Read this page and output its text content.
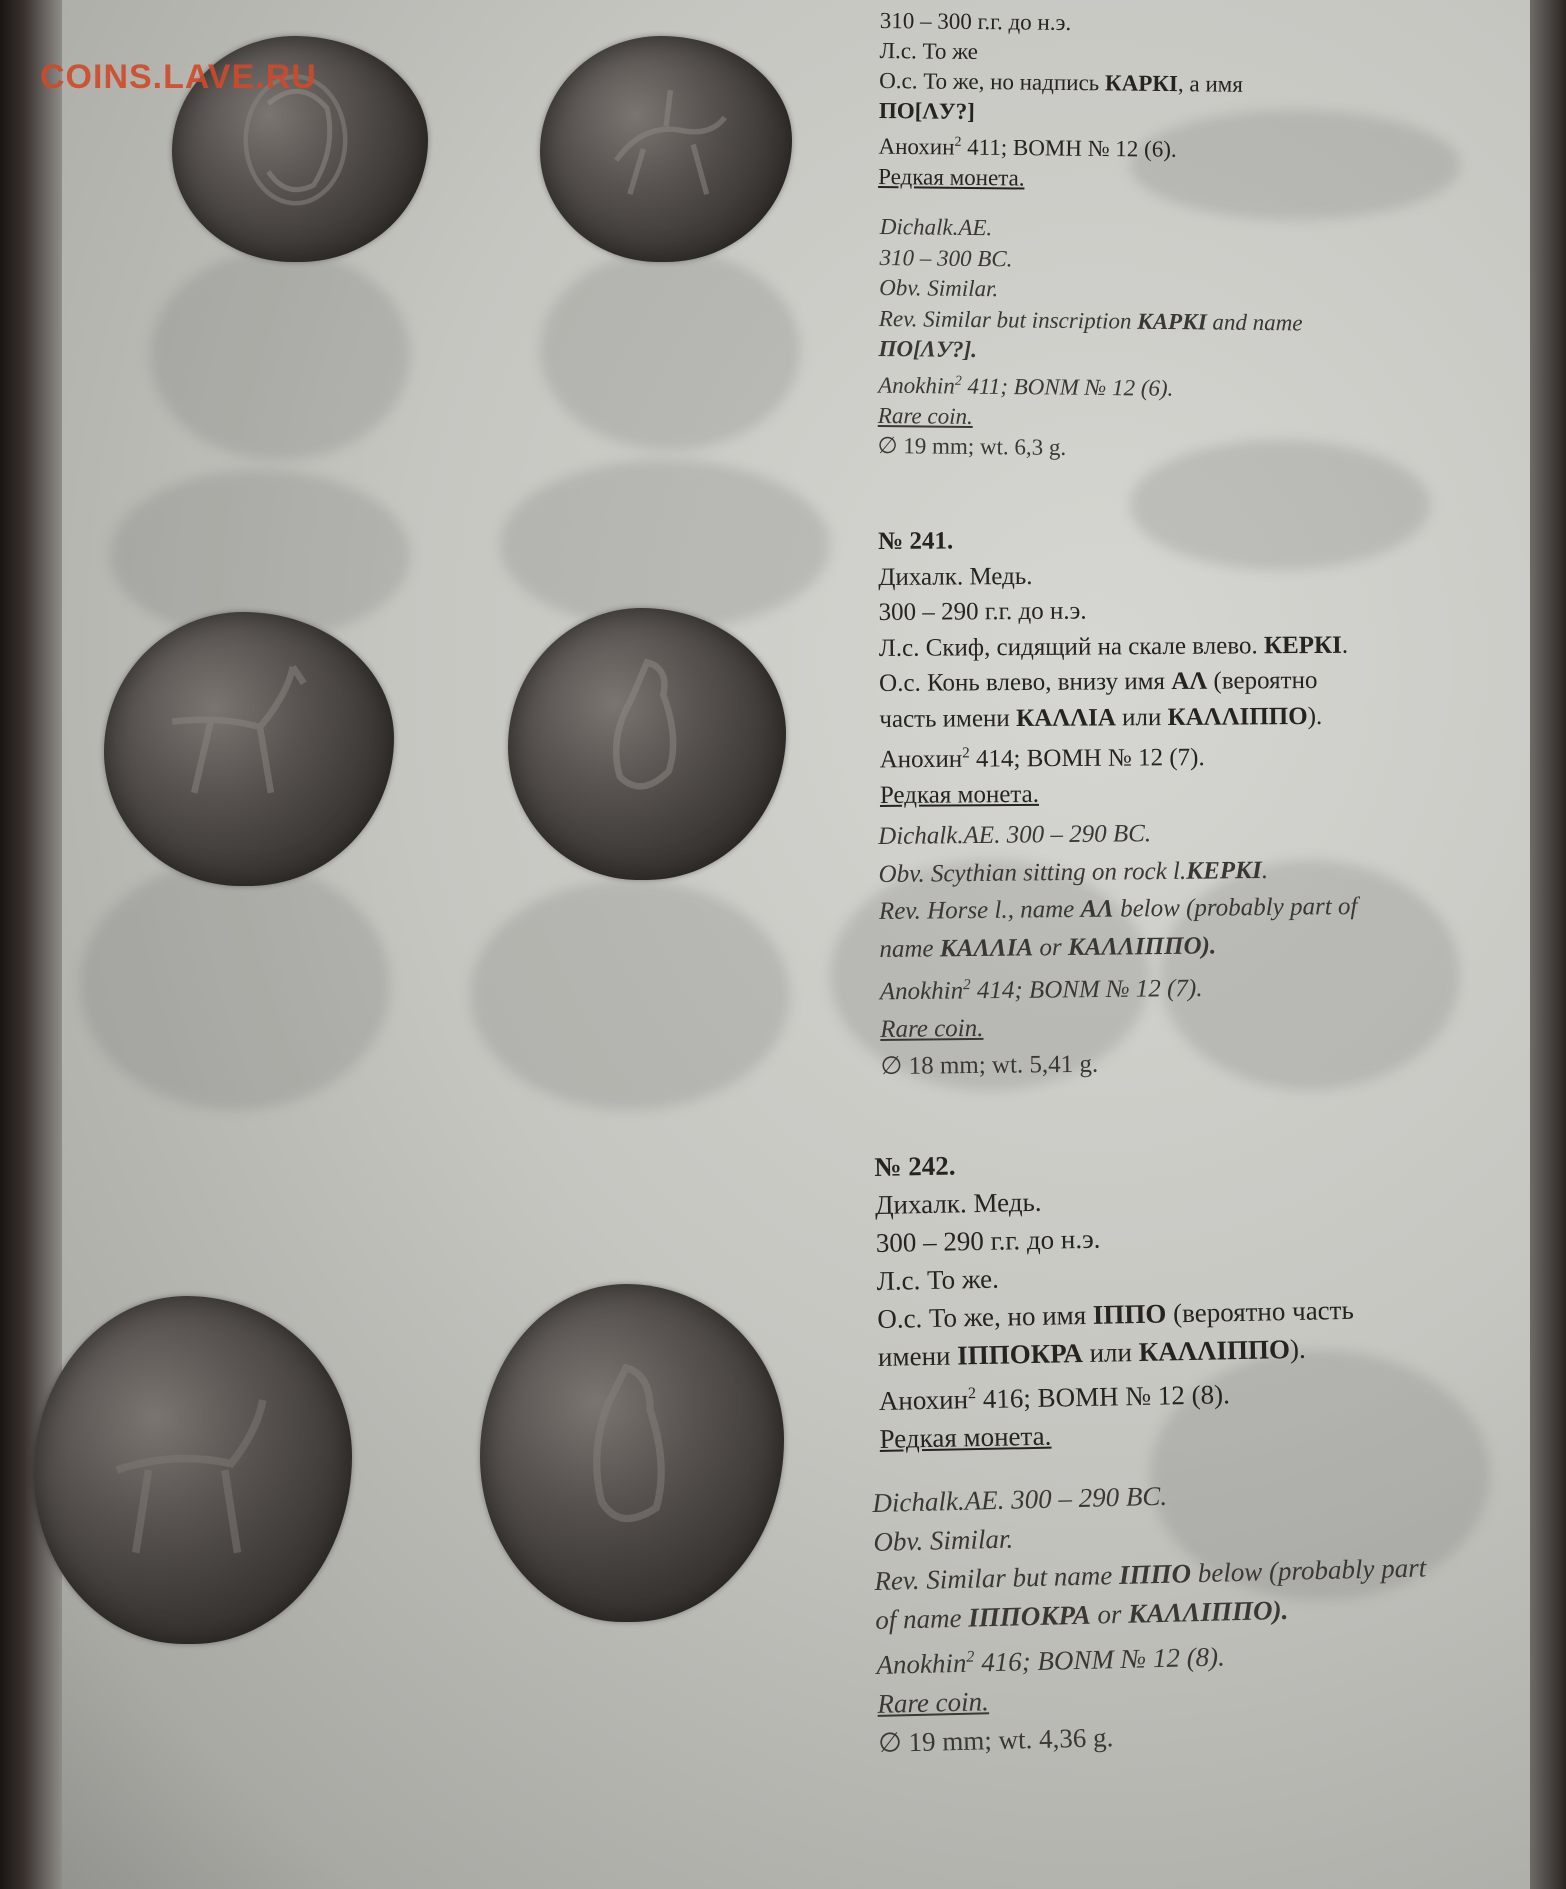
COINS.LAVE.RU
310 – 300 г.г. до н.э.
Л.с. То же
О.с. То же, но надпись КАРКI, а имя
ПО[ΛУ?]
Анохин$^2$ 411; ВОМН № 12 (6).
Редкая монета.
Dichalk.AE.
310 – 300 BC.
Obv. Similar.
Rev. Similar but inscription КАРКI and name
ПО[ΛУ?].
Anokhin$^2$ 411; BONM № 12 (6).
Rare coin.
∅ 19 mm; wt. 6,3 g.
№ 241.
Дихалк. Медь.
300 – 290 г.г. до н.э.
Л.с. Скиф, сидящий на скале влево. КЕРКI.
О.с. Конь влево, внизу имя АΛ (вероятно
часть имени КАΛΛIА или КАΛΛIППО).
Анохин$^2$ 414; ВОМН № 12 (7).
Редкая монета.
Dichalk.AE. 300 – 290 BC.
Obv. Scythian sitting on rock l.КЕРКI.
Rev. Horse l., name АΛ below (probably part of
name КАΛΛIА or КАΛΛIППО).
Anokhin$^2$ 414; BONM № 12 (7).
Rare coin.
∅ 18 mm; wt. 5,41 g.
№ 242.
Дихалк. Медь.
300 – 290 г.г. до н.э.
Л.с. То же.
О.с. То же, но имя IППО (вероятно часть
имени IППОКРА или КАΛΛIППО).
Анохин$^2$ 416; ВОМН № 12 (8).
Редкая монета.
Dichalk.AE. 300 – 290 BC.
Obv. Similar.
Rev. Similar but name IППО below (probably part
of name IППОКРА or КАΛΛIППО).
Anokhin$^2$ 416; BONM № 12 (8).
Rare coin.
∅ 19 mm; wt. 4,36 g.
